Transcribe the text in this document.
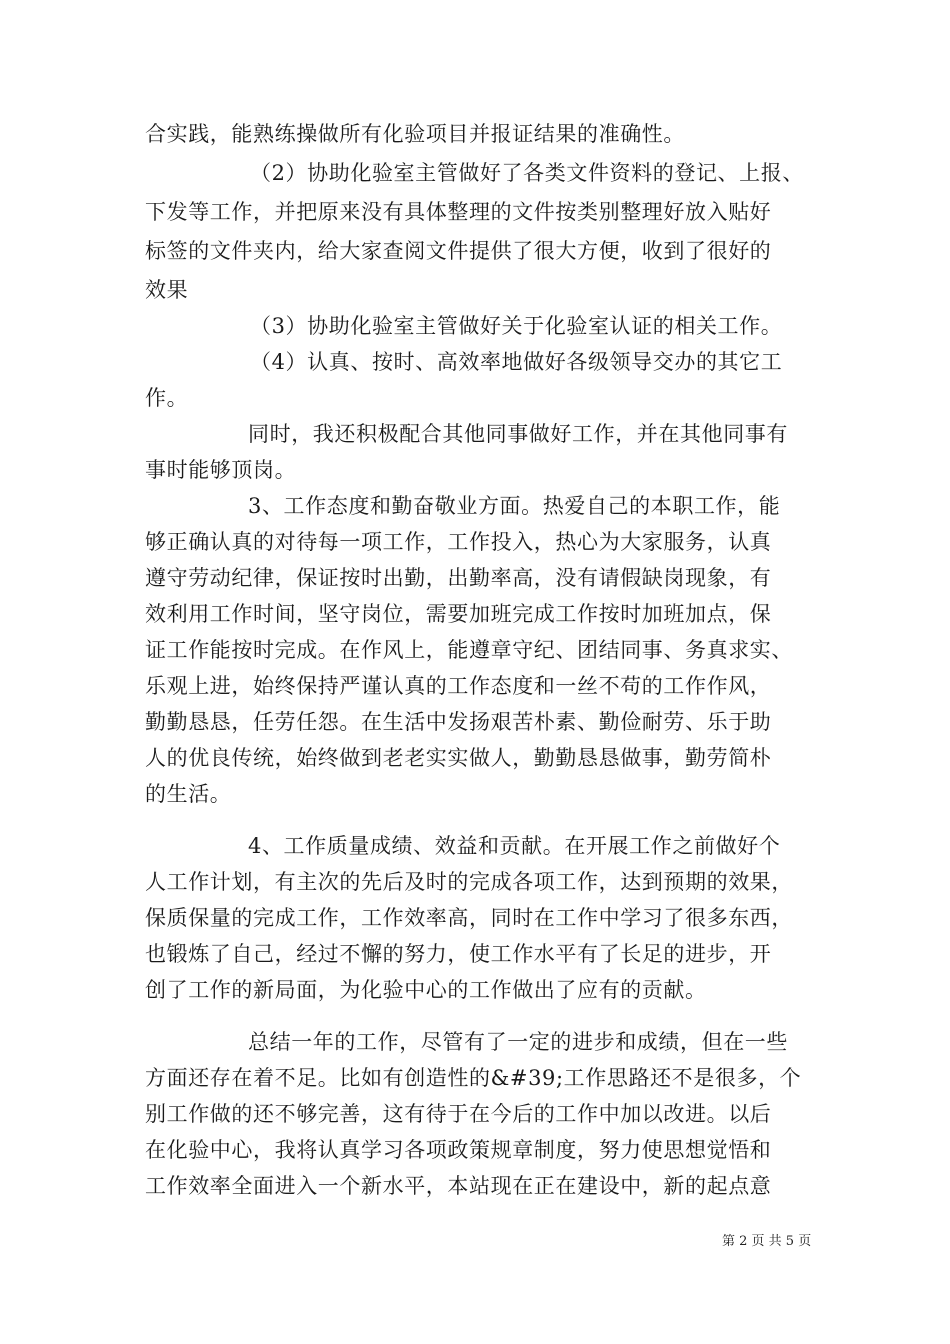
合实践，能熟练操做所有化验项目并报证结果的准确性。
（2）协助化验室主管做好了各类文件资料的登记、上报、
下发等工作，并把原来没有具体整理的文件按类别整理好放入贴好
标签的文件夹内，给大家查阅文件提供了很大方便，收到了很好的
效果
（3）协助化验室主管做好关于化验室认证的相关工作。
（4）认真、按时、高效率地做好各级领导交办的其它工
作。
同时，我还积极配合其他同事做好工作，并在其他同事有
事时能够顶岗。
3、工作态度和勤奋敬业方面。热爱自己的本职工作，能
够正确认真的对待每一项工作，工作投入，热心为大家服务，认真
遵守劳动纪律，保证按时出勤，出勤率高，没有请假缺岗现象，有
效利用工作时间，坚守岗位，需要加班完成工作按时加班加点，保
证工作能按时完成。在作风上，能遵章守纪、团结同事、务真求实、
乐观上进，始终保持严谨认真的工作态度和一丝不苟的工作作风，
勤勤恳恳，任劳任怨。在生活中发扬艰苦朴素、勤俭耐劳、乐于助
人的优良传统，始终做到老老实实做人，勤勤恳恳做事，勤劳简朴
的生活。
4、工作质量成绩、效益和贡献。在开展工作之前做好个
人工作计划，有主次的先后及时的完成各项工作，达到预期的效果，
保质保量的完成工作，工作效率高，同时在工作中学习了很多东西，
也锻炼了自己，经过不懈的努力，使工作水平有了长足的进步，开
创了工作的新局面，为化验中心的工作做出了应有的贡献。
总结一年的工作，尽管有了一定的进步和成绩，但在一些
方面还存在着不足。比如有创造性的&#39;工作思路还不是很多，个
别工作做的还不够完善，这有待于在今后的工作中加以改进。以后
在化验中心，我将认真学习各项政策规章制度，努力使思想觉悟和
工作效率全面进入一个新水平，本站现在正在建设中，新的起点意
第 2 页 共 5 页
